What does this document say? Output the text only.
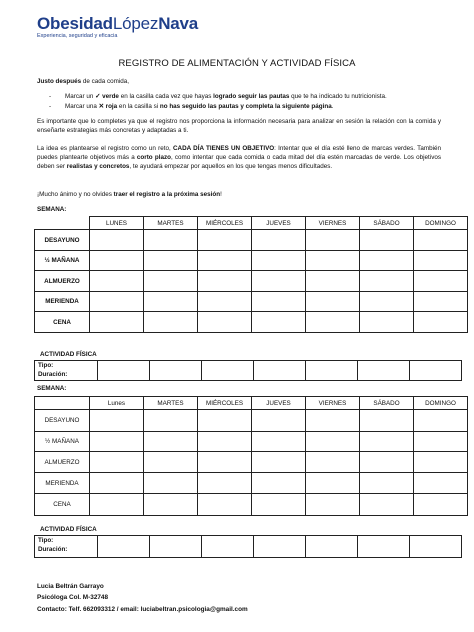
ObesidadLópezNava
Experiencia, seguridad y eficacia
REGISTRO DE ALIMENTACIÓN Y ACTIVIDAD FÍSICA
Justo después de cada comida,
- Marcar un ✓ verde en la casilla cada vez que hayas logrado seguir las pautas que te ha indicado tu nutricionista.
- Marcar una ✕ roja en la casilla si no has seguido las pautas y completa la siguiente página.
Es importante que lo completes ya que el registro nos proporciona la información necesaria para analizar en sesión la relación con la comida y enseñarte estrategias más concretas y adaptadas a ti.
La idea es plantearse el registro como un reto, CADA DÍA TIENES UN OBJETIVO: Intentar que el día esté lleno de marcas verdes. También puedes plantearte objetivos más a corto plazo, como intentar que cada comida o cada mitad del día estén marcadas de verde. Los objetivos deben ser realistas y concretos, te ayudará empezar por aquellos en los que tengas menos dificultades.
¡Mucho ánimo y no olvides traer el registro a la próxima sesión!
SEMANA:
	LUNES	MARTES	MIÉRCOLES	JUEVES	VIERNES	SÁBADO	DOMINGO
DESAYUNO							
½ MAÑANA							
ALMUERZO							
MERIENDA							
CENA							
ACTIVIDAD FÍSICA
Tipo:
Duración:							
SEMANA:
	Lunes	MARTES	MIÉRCOLES	JUEVES	VIERNES	SÁBADO	DOMINGO
DESAYUNO							
½ MAÑANA							
ALMUERZO							
MERIENDA							
CENA							
ACTIVIDAD FÍSICA
Tipo:
Duración:							
Lucia Beltrán Garrayo
Psicóloga Col. M-32748
Contacto: Telf. 662093312 / email: luciabeltran.psicologia@gmail.com
